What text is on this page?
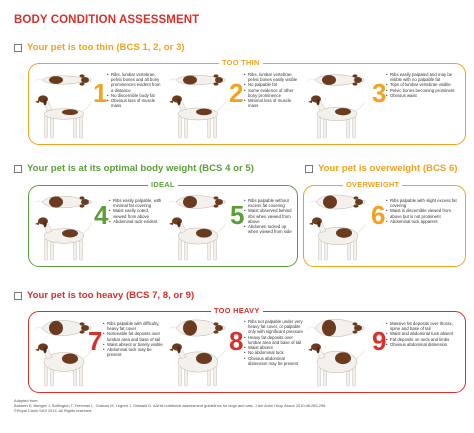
BODY CONDITION ASSESSMENT
Your pet is too thin (BCS 1, 2, or 3)
TOO THIN
1
• Ribs, lumbar vertebrae, pelvic bones and all bony prominences evident from a distance
• No discernible body fat
• Obvious loss of muscle mass	2
• Ribs, lumbar vertebrae, pelvic bones easily visible
• No palpable fat
• Some evidence of other bony prominence
• Minimal loss of muscle mass	3
• Ribs easily palpated and may be visible with no palpable fat
• Tops of lumbar vertebrae visible
• Pelvic bones becoming prominent
• Obvious waist
Your pet is at its optimal body weight (BCS 4 or 5)
IDEAL
4	• Ribs easily palpable, with minimal fat covering
• Waist easily noted, viewed from above
• Abdominal tuck evident	5 • Ribs palpable without excess fat covering
• Waist observed behind ribs when viewed from above
• Abdomen tucked up when viewed from side
Your pet is overweight (BCS 6)
OVERWEIGHT
6	• Ribs palpable with slight excess fat covering
• Waist is discernible viewed from above but is not prominent
• Abdominal tuck apparent
Your pet is too heavy (BCS 7, 8, or 9)
TOO HEAVY
7
• Ribs palpable with difficulty, heavy fat cover
• Noticeable fat deposits over lumbar area and base of tail
• Waist absent or barely visible
• Abdominal tuck may be present	8
• Ribs not palpable under very heavy fat cover, or palpable only with significant pressure
• Heavy fat deposits over lumbar area and base of tail
• Waist absent
• No abdominal tuck
• Obvious abdominal distension may be present
9
• Massive fat deposits over thorax, spine and base of tail
• Waist and abdominal tuck absent
• Fat deposits on neck and limbs
• Obvious abdominal distension
Adapted from:
Baldwin K, Bartges J, Buffington T, Freeman L, Grabow M, Legred J, Ostwald D. AAHA nutritional assessment guidelines for dogs and cats. J Am Anim Hosp Assoc 2010;46:285-296.
©Royal Canin SAS 2014. All Rights reserved.
